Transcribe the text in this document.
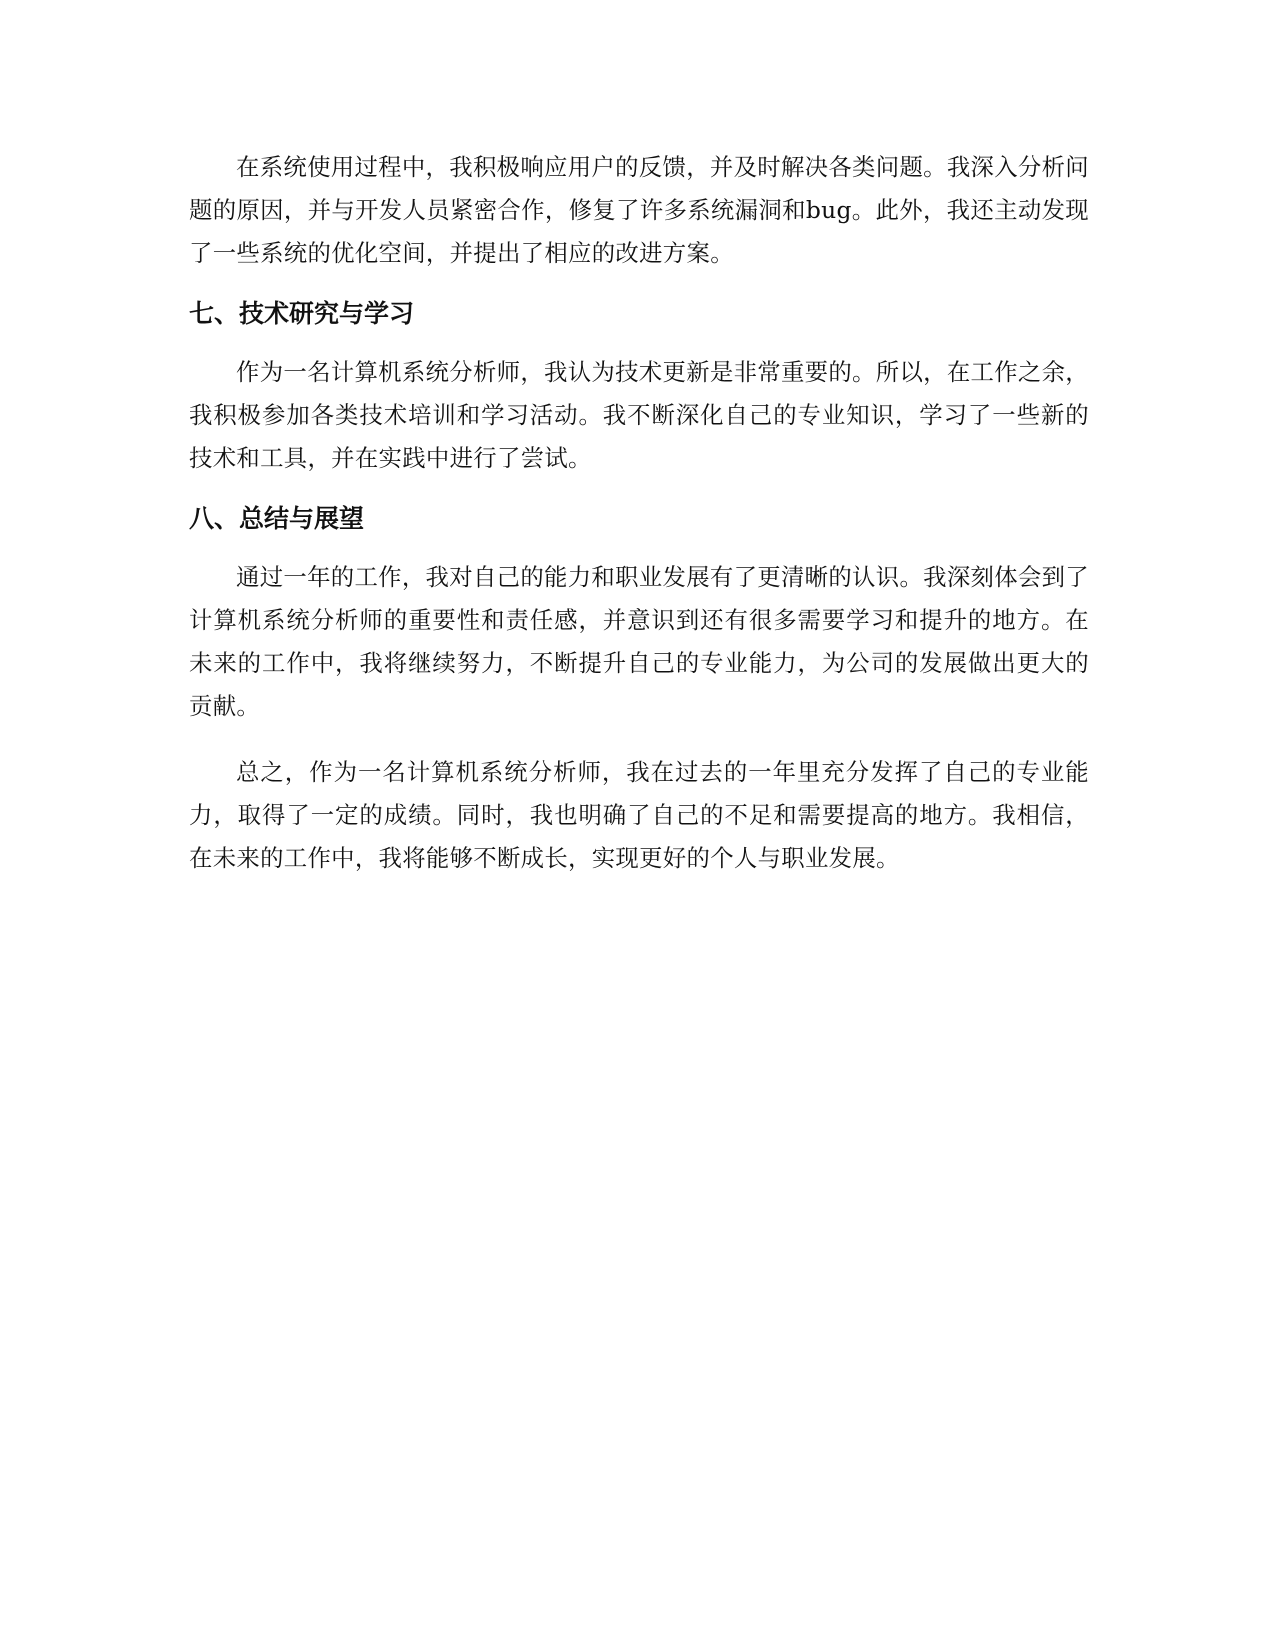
在系统使用过程中，我积极响应用户的反馈，并及时解决各类问题。我深入分析问题的原因，并与开发人员紧密合作，修复了许多系统漏洞和bug。此外，我还主动发现了一些系统的优化空间，并提出了相应的改进方案。

七、技术研究与学习

作为一名计算机系统分析师，我认为技术更新是非常重要的。所以，在工作之余，我积极参加各类技术培训和学习活动。我不断深化自己的专业知识，学习了一些新的技术和工具，并在实践中进行了尝试。

八、总结与展望

通过一年的工作，我对自己的能力和职业发展有了更清晰的认识。我深刻体会到了计算机系统分析师的重要性和责任感，并意识到还有很多需要学习和提升的地方。在未来的工作中，我将继续努力，不断提升自己的专业能力，为公司的发展做出更大的贡献。

总之，作为一名计算机系统分析师，我在过去的一年里充分发挥了自己的专业能力，取得了一定的成绩。同时，我也明确了自己的不足和需要提高的地方。我相信，在未来的工作中，我将能够不断成长，实现更好的个人与职业发展。
